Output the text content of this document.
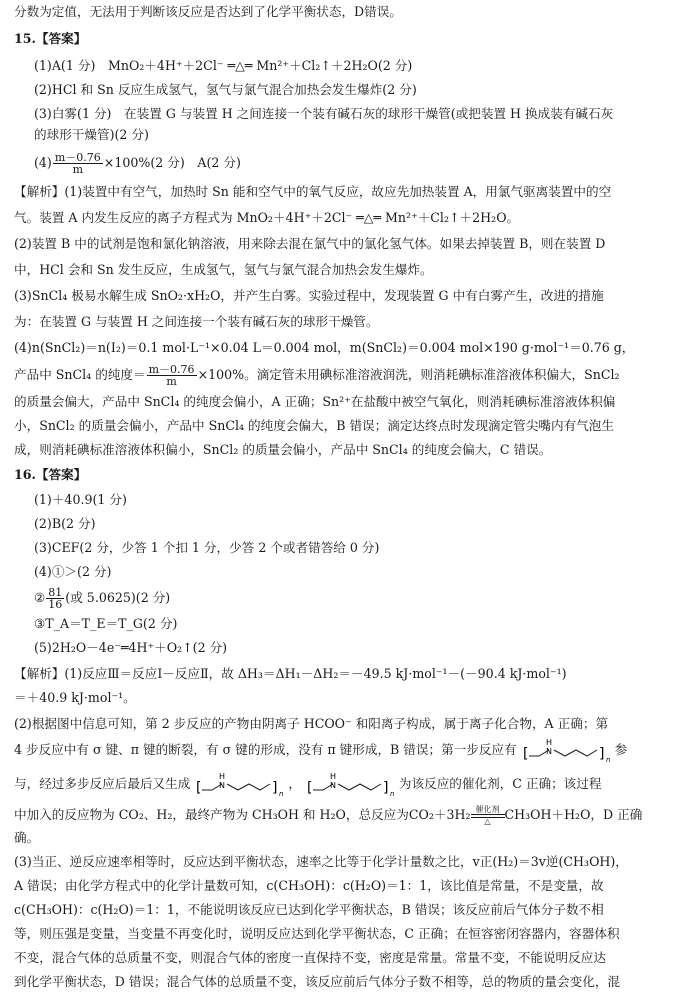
分数为定值，无法用于判断该反应是否达到了化学平衡状态，D错误。
15.【答案】
(1)A(1 分)　MnO₂＋4H⁺＋2Cl⁻ ═△═ Mn²⁺＋Cl₂↑＋2H₂O(2 分)
(2)HCl 和 Sn 反应生成氢气，氢气与氯气混合加热会发生爆炸(2 分)
(3)白雾(1 分)　在装置 G 与装置 H 之间连接一个装有碱石灰的球形干燥管(或把装置 H 换成装有碱石灰
的球形干燥管)(2 分)
$(4) \frac{m-0.76}{m} \times 100\%(2$ 分)　A(2 分)
【解析】(1)装置中有空气，加热时 Sn 能和空气中的氧气反应，故应先加热装置 A，用氯气驱离装置中的空
气。装置 A 内发生反应的离子方程式为 MnO₂＋4H⁺＋2Cl⁻ ═△═ Mn²⁺＋Cl₂↑＋2H₂O。
(2)装置 B 中的试剂是饱和氯化钠溶液，用来除去混在氯气中的氯化氢气体。如果去掉装置 B，则在装置 D
中，HCl 会和 Sn 发生反应，生成氢气，氢气与氯气混合加热会发生爆炸。
(3)SnCl₄ 极易水解生成 SnO₂·xH₂O，并产生白雾。实验过程中，发现装置 G 中有白雾产生，改进的措施
为：在装置 G 与装置 H 之间连接一个装有碱石灰的球形干燥管。
(4)n(SnCl₂)＝n(I₂)＝0.1 mol·L⁻¹×0.04 L＝0.004 mol，m(SnCl₂)＝0.004 mol×190 g·mol⁻¹＝0.76 g，
产品中 SnCl₄ 的纯度＝ $\frac{m-0.76}{m} \times 100\%$。滴定管未用碘标准溶液润洗，则消耗碘标准溶液体积偏大，SnCl₂
的质量会偏大，产品中 SnCl₄ 的纯度会偏小，A 正确；Sn²⁺在盐酸中被空气氧化，则消耗碘标准溶液体积偏
小，SnCl₂ 的质量会偏小，产品中 SnCl₄ 的纯度会偏大，B 错误；滴定达终点时发现滴定管尖嘴内有气泡生
成，则消耗碘标准溶液体积偏小，SnCl₂ 的质量会偏小，产品中 SnCl₄ 的纯度会偏大，C 错误。
16.【答案】
(1)＋40.9(1 分)
(2)B(2 分)
(3)CEF(2 分，少答 1 个扣 1 分，少答 2 个或者错答给 0 分)
(4)①＞(2 分)
② $\frac{81}{16}$ (或 5.0625)(2 分)
③T_A＝T_E＝T_G(2 分)
(5)2H₂O－4e⁻═4H⁺＋O₂↑(2 分)
【解析】(1)反应Ⅲ＝反应Ⅰ－反应Ⅱ，故 ΔH₃＝ΔH₁－ΔH₂＝－49.5 kJ·mol⁻¹－(－90.4 kJ·mol⁻¹)
＝＋40.9 kJ·mol⁻¹。
(2)根据图中信息可知，第 2 步反应的产物由阴离子 HCOO⁻ 和阳离子构成，属于离子化合物，A 正确；第
4 步反应中有 σ 键、π 键的断裂，有 σ 键的形成，没有 π 键形成，B 错误；第一步反应有 [
H
N	] n
参
与，经过多步反应后最后又生成 [
H
N	] n
， [
H
N	] n
为该反应的催化剂，C 正确；该过程
中加入的反应物为 CO₂、H₂，最终产物为 CH₃OH 和 H₂O，总反应为CO₂＋3H₂ 催化剂
△	CH₃OH＋H₂O，D 正确
确。
(3)当正、逆反应速率相等时，反应达到平衡状态，速率之比等于化学计量数之比，v正(H₂)＝3v逆(CH₃OH)，
A 错误；由化学方程式中的化学计量数可知，c(CH₃OH)：c(H₂O)＝1：1，该比值是常量，不是变量，故
c(CH₃OH)：c(H₂O)＝1：1，不能说明该反应已达到化学平衡状态，B 错误；该反应前后气体分子数不相
等，则压强是变量，当变量不再变化时，说明反应达到化学平衡状态，C 正确；在恒容密闭容器内，容器体积
不变，混合气体的总质量不变，则混合气体的密度一直保持不变，密度是常量。常量不变，不能说明反应达
到化学平衡状态，D 错误；混合气体的总质量不变，该反应前后气体分子数不相等，总的物质的量会变化，混
